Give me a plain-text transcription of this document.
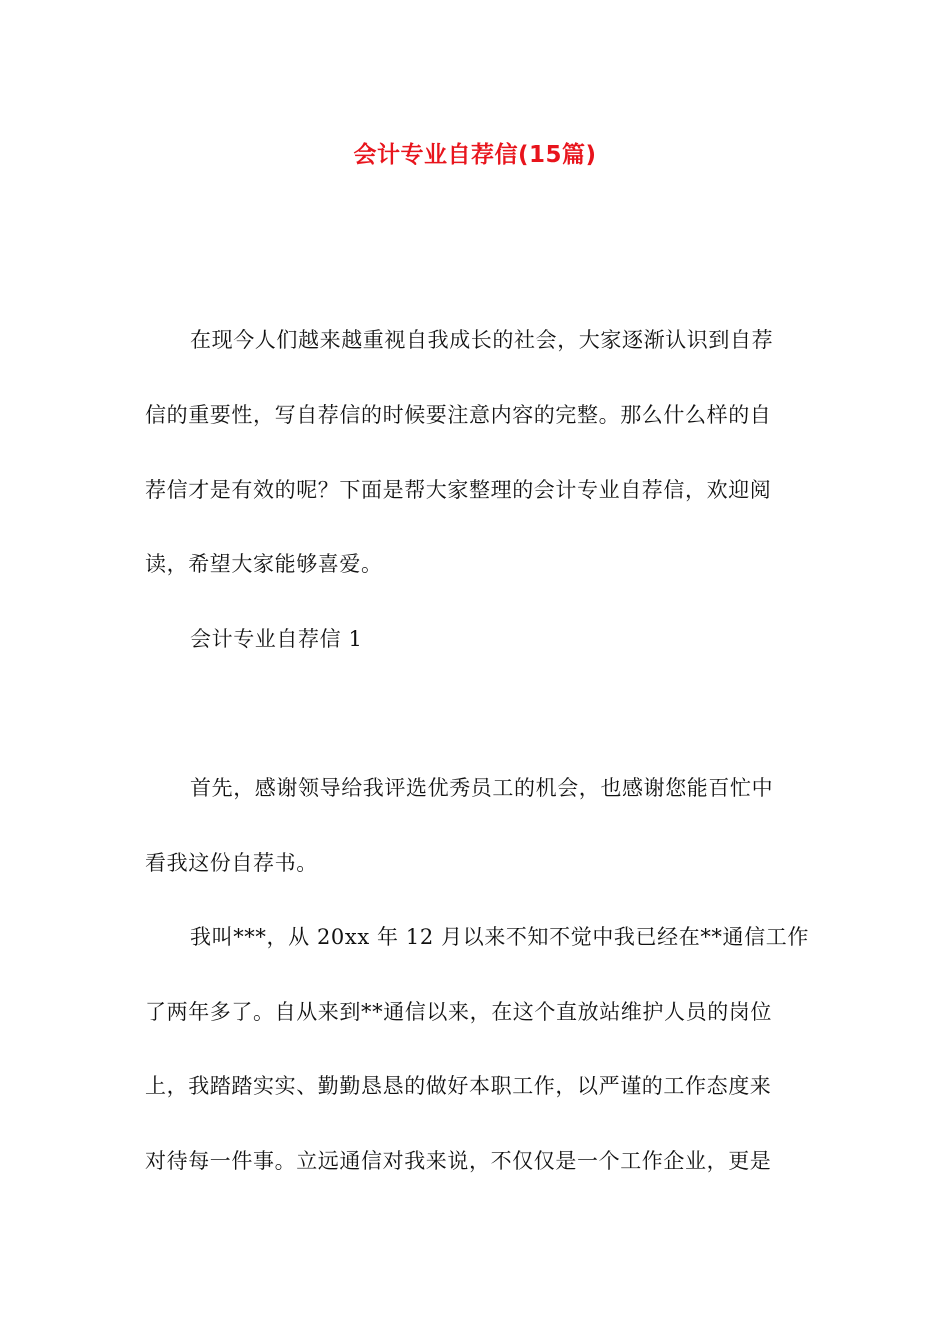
会计专业自荐信(15篇)
在现今人们越来越重视自我成长的社会，大家逐渐认识到自荐
信的重要性，写自荐信的时候要注意内容的完整。那么什么样的自
荐信才是有效的呢？下面是帮大家整理的会计专业自荐信，欢迎阅
读，希望大家能够喜爱。
会计专业自荐信 1
首先，感谢领导给我评选优秀员工的机会，也感谢您能百忙中
看我这份自荐书。
我叫***，从 20xx 年 12 月以来不知不觉中我已经在**通信工作
了两年多了。自从来到**通信以来，在这个直放站维护人员的岗位
上，我踏踏实实、勤勤恳恳的做好本职工作，以严谨的工作态度来
对待每一件事。立远通信对我来说，不仅仅是一个工作企业，更是
